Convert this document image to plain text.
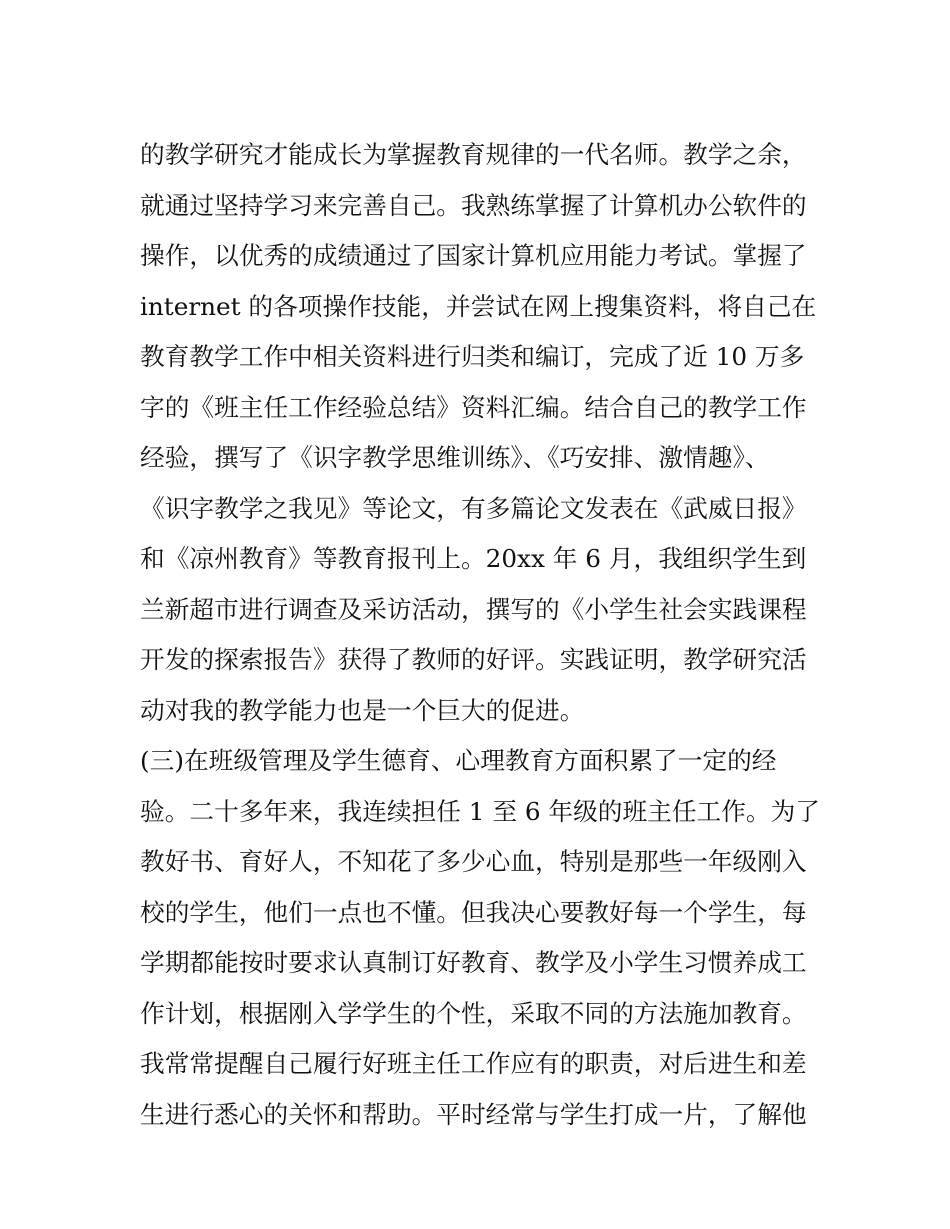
的教学研究才能成长为掌握教育规律的一代名师。教学之余，
就通过坚持学习来完善自己。我熟练掌握了计算机办公软件的
操作，以优秀的成绩通过了国家计算机应用能力考试。掌握了
internet 的各项操作技能，并尝试在网上搜集资料，将自己在
教育教学工作中相关资料进行归类和编订，完成了近 10 万多
字的《班主任工作经验总结》资料汇编。结合自己的教学工作
经验，撰写了《识字教学思维训练》、《巧安排、激情趣》、
《识字教学之我见》等论文，有多篇论文发表在《武威日报》
和《凉州教育》等教育报刊上。20xx 年 6 月，我组织学生到
兰新超市进行调查及采访活动，撰写的《小学生社会实践课程
开发的探索报告》获得了教师的好评。实践证明，教学研究活
动对我的教学能力也是一个巨大的促进。
(三)在班级管理及学生德育、心理教育方面积累了一定的经
验。二十多年来，我连续担任 1 至 6 年级的班主任工作。为了
教好书、育好人，不知花了多少心血，特别是那些一年级刚入
校的学生，他们一点也不懂。但我决心要教好每一个学生，每
学期都能按时要求认真制订好教育、教学及小学生习惯养成工
作计划，根据刚入学学生的个性，采取不同的方法施加教育。
我常常提醒自己履行好班主任工作应有的职责，对后进生和差
生进行悉心的关怀和帮助。平时经常与学生打成一片，了解他
